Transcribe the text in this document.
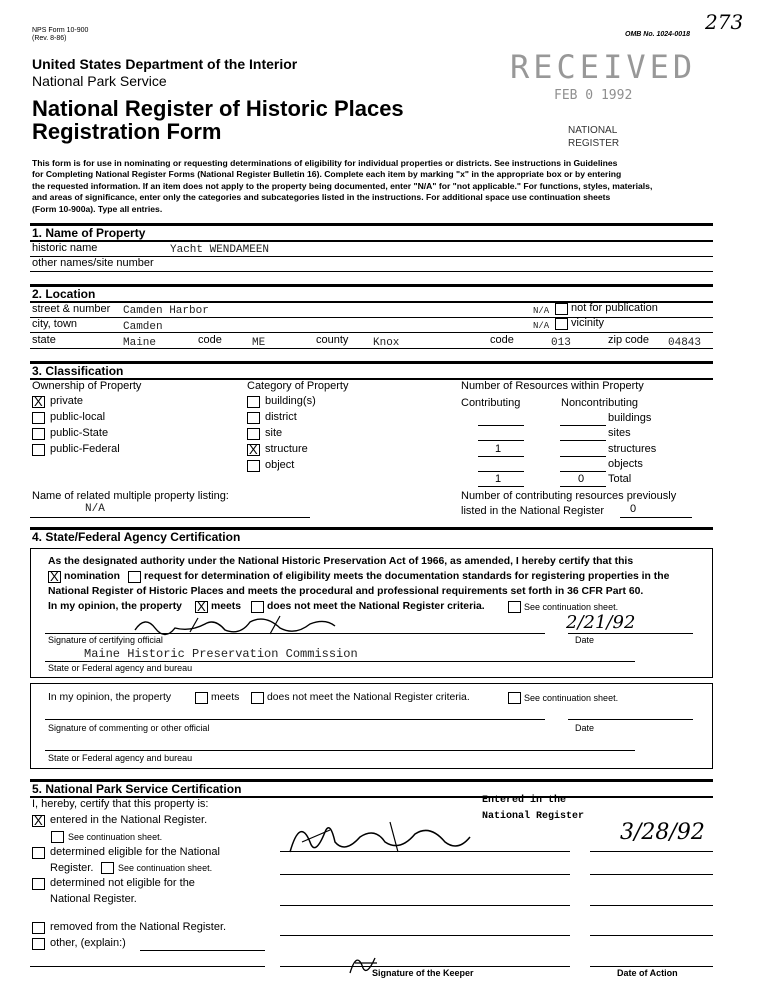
NPS Form 10-900
(Rev. 8-86)
OMB No. 1024-0018
273
United States Department of the Interior
National Park Service
National Register of Historic Places
Registration Form
RECEIVED
FEB 0 1992
NATIONAL
REGISTER
This form is for use in nominating or requesting determinations of eligibility for individual properties or districts. See instructions in Guidelines
for Completing National Register Forms (National Register Bulletin 16). Complete each item by marking "x" in the appropriate box or by entering
the requested information. If an item does not apply to the property being documented, enter "N/A" for "not applicable." For functions, styles, materials,
and areas of significance, enter only the categories and subcategories listed in the instructions. For additional space use continuation sheets
(Form 10-900a). Type all entries.
1. Name of Property
historic name	Yacht WENDAMEEN
other names/site number
2. Location
street & number Camden Harbor	N/A not for publication
city, town	Camden	N/A vicinity
state	Maine	code	ME	county Knox	code	013	zip code 04843
3. Classification
Ownership of Property
X
private
public-local
public-State
public-Federal
Category of Property
building(s)
district
site
X
structure
object
Number of Resources within Property
Contributing	Noncontributing
buildings
sites
1	structures
objects
1	0 Total
Name of related multiple property listing:
N/A
Number of contributing resources previously
listed in the National Register 0
4. State/Federal Agency Certification
As the designated authority under the National Historic Preservation Act of 1966, as amended, I hereby certify that this
X
nomination request for determination of eligibility meets the documentation standards for registering properties in the
National Register of Historic Places and meets the procedural and professional requirements set forth in 36 CFR Part 60.
In my opinion, the property
X	meets does not meet the National Register criteria.	See continuation sheet.
2/21/92
Signature of certifying official	Date
Maine Historic Preservation Commission
State or Federal agency and bureau
In my opinion, the property	meets	does not meet the National Register criteria.	See continuation sheet.
Signature of commenting or other official	Date
State or Federal agency and bureau
5. National Park Service Certification
I, hereby, certify that this property is:
X
entered in the National Register.
See continuation sheet.
determined eligible for the National
Register.	See continuation sheet.
determined not eligible for the
National Register.
removed from the National Register.
other, (explain:)
Entered in the
National Register
3/28/92
Signature of the Keeper	Date of Action
